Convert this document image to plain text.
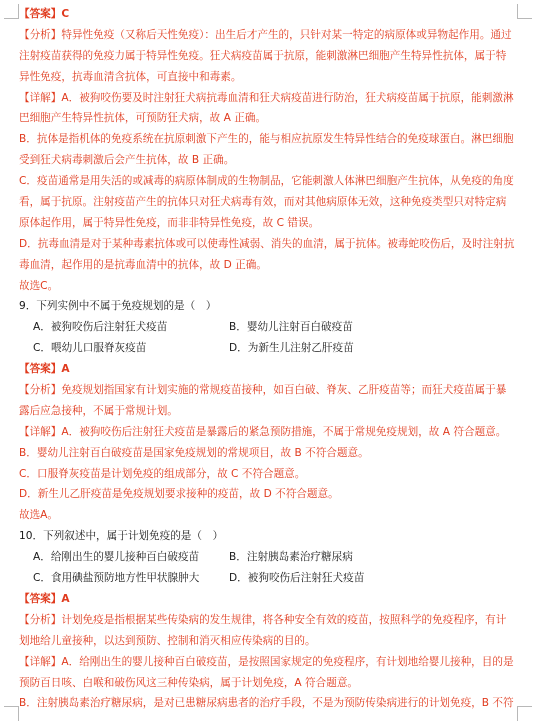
【答案】C
【分析】特异性免疫（又称后天性免疫）：出生后才产生的，只针对某一特定的病原体或异物起作用。通过
注射疫苗获得的免疫力属于特异性免疫。狂犬病疫苗属于抗原，能刺激淋巴细胞产生特异性抗体，属于特
异性免疫，抗毒血清含抗体，可直接中和毒素。
【详解】A．被狗咬伤要及时注射狂犬病抗毒血清和狂犬病疫苗进行防治，狂犬病疫苗属于抗原，能刺激淋
巴细胞产生特异性抗体，可预防狂犬病，故 A 正确。
B．抗体是指机体的免疫系统在抗原刺激下产生的，能与相应抗原发生特异性结合的免疫球蛋白。淋巴细胞
受到狂犬病毒刺激后会产生抗体，故 B 正确。
C．疫苗通常是用失活的或减毒的病原体制成的生物制品，它能刺激人体淋巴细胞产生抗体，从免疫的角度
看，属于抗原。注射疫苗产生的抗体只对狂犬病毒有效，而对其他病原体无效，这种免疫类型只对特定病
原体起作用，属于特异性免疫，而非非特异性免疫，故 C 错误。
D．抗毒血清是对于某种毒素抗体或可以使毒性减弱、消失的血清，属于抗体。被毒蛇咬伤后，及时注射抗
毒血清，起作用的是抗毒血清中的抗体，故 D 正确。
故选C。
9．下列实例中不属于免疫规划的是（　）
A．被狗咬伤后注射狂犬疫苗	B．婴幼儿注射百白破疫苗
C．喂幼儿口服脊灰疫苗	D．为新生儿注射乙肝疫苗
【答案】A
【分析】免疫规划指国家有计划实施的常规疫苗接种，如百白破、脊灰、乙肝疫苗等；而狂犬疫苗属于暴
露后应急接种，不属于常规计划。
【详解】A．被狗咬伤后注射狂犬疫苗是暴露后的紧急预防措施，不属于常规免疫规划，故 A 符合题意。
B．婴幼儿注射百白破疫苗是国家免疫规划的常规项目，故 B 不符合题意。
C．口服脊灰疫苗是计划免疫的组成部分，故 C 不符合题意。
D．新生儿乙肝疫苗是免疫规划要求接种的疫苗，故 D 不符合题意。
故选A。
10．下列叙述中，属于计划免疫的是（　）
A．给刚出生的婴儿接种百白破疫苗	B．注射胰岛素治疗糖尿病
C．食用碘盐预防地方性甲状腺肿大	D．被狗咬伤后注射狂犬疫苗
【答案】A
【分析】计划免疫是指根据某些传染病的发生规律，将各种安全有效的疫苗，按照科学的免疫程序，有计
划地给儿童接种，以达到预防、控制和消灭相应传染病的目的。
【详解】A．给刚出生的婴儿接种百白破疫苗，是按照国家规定的免疫程序，有计划地给婴儿接种，目的是
预防百日咳、白喉和破伤风这三种传染病，属于计划免疫，A 符合题意。
B．注射胰岛素治疗糖尿病，是对已患糖尿病患者的治疗手段，不是为预防传染病进行的计划免疫，B 不符
